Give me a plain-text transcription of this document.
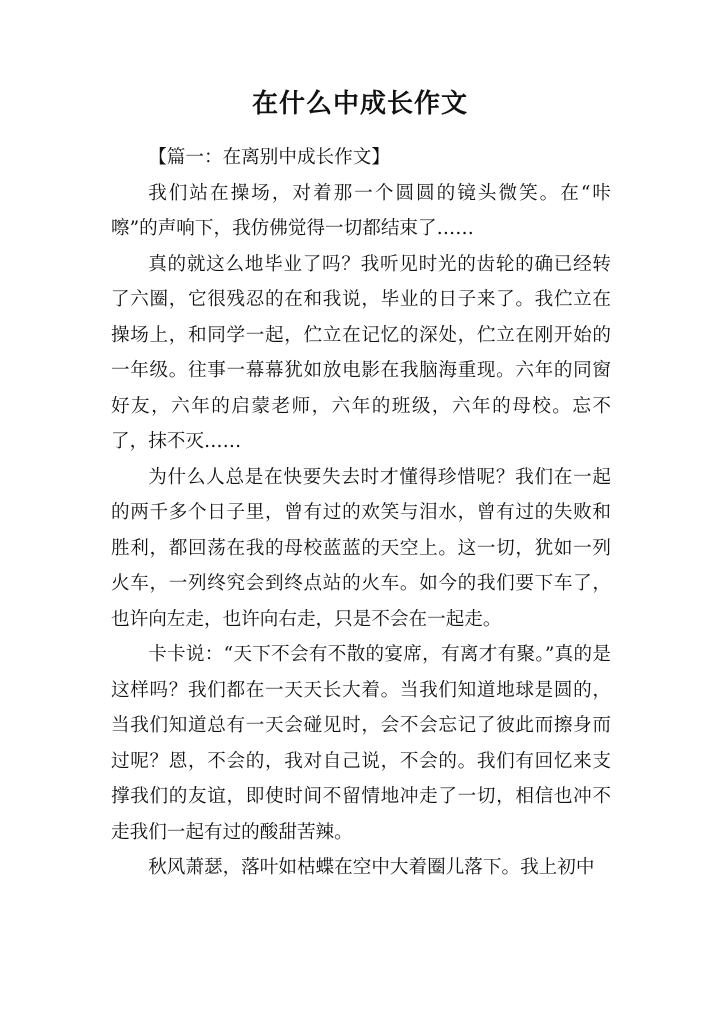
在什么中成长作文

【篇一：在离别中成长作文】

我们站在操场，对着那一个圆圆的镜头微笑。在“咔嚓”的声响下，我仿佛觉得一切都结束了……

真的就这么地毕业了吗？我听见时光的齿轮的确已经转了六圈，它很残忍的在和我说，毕业的日子来了。我伫立在操场上，和同学一起，伫立在记忆的深处，伫立在刚开始的一年级。往事一幕幕犹如放电影在我脑海重现。六年的同窗好友，六年的启蒙老师，六年的班级，六年的母校。忘不了，抹不灭……

为什么人总是在快要失去时才懂得珍惜呢？我们在一起的两千多个日子里，曾有过的欢笑与泪水，曾有过的失败和胜利，都回荡在我的母校蓝蓝的天空上。这一切，犹如一列火车，一列终究会到终点站的火车。如今的我们要下车了，也许向左走，也许向右走，只是不会在一起走。

卡卡说：“天下不会有不散的宴席，有离才有聚。”真的是这样吗？我们都在一天天长大着。当我们知道地球是圆的，当我们知道总有一天会碰见时，会不会忘记了彼此而擦身而过呢？恩，不会的，我对自己说，不会的。我们有回忆来支撑我们的友谊，即使时间不留情地冲走了一切，相信也冲不走我们一起有过的酸甜苦辣。

秋风萧瑟，落叶如枯蝶在空中大着圈儿落下。我上初中
